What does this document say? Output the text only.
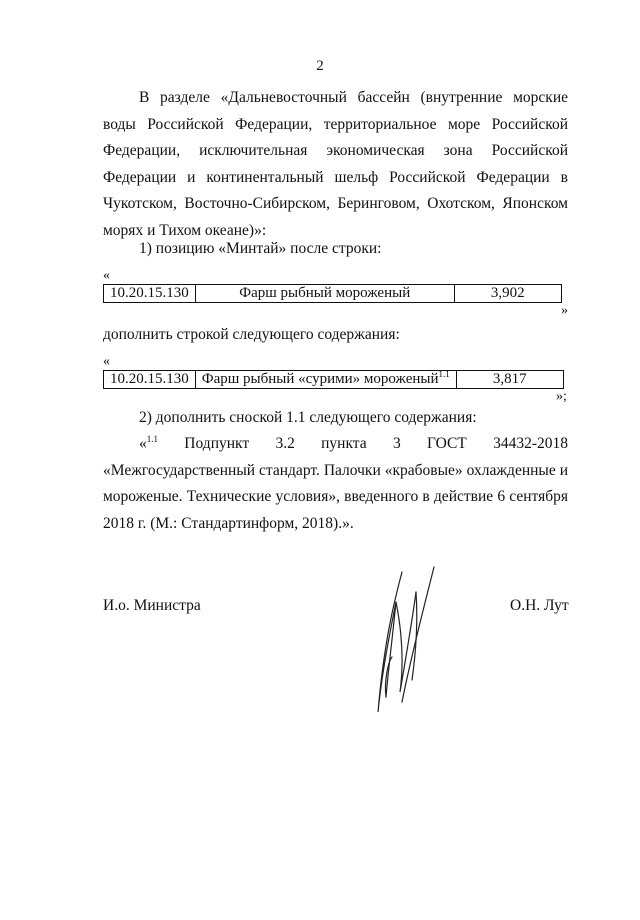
2

В разделе «Дальневосточный бассейн (внутренние морские воды Российской Федерации, территориальное море Российской Федерации, исключительная экономическая зона Российской Федерации и континентальный шельф Российской Федерации в Чукотском, Восточно-Сибирском, Беринговом, Охотском, Японском морях и Тихом океане)»:

1) позицию «Минтай» после строки:

«
10.20.15.130	Фарш рыбный мороженый	3,902
»

дополнить строкой следующего содержания:

«
10.20.15.130	Фарш рыбный «сурими» мороженый$^{1.1}$	3,817
»;

2) дополнить сноской 1.1 следующего содержания:

«$^{1.1}$ Подпункт 3.2 пункта 3 ГОСТ 34432-2018 «Межгосударственный стандарт. Палочки «крабовые» охлажденные и мороженые. Технические условия», введенного в действие 6 сентября 2018 г. (М.: Стандартинформ, 2018).».

И.о. Министра	О.Н. Лут
